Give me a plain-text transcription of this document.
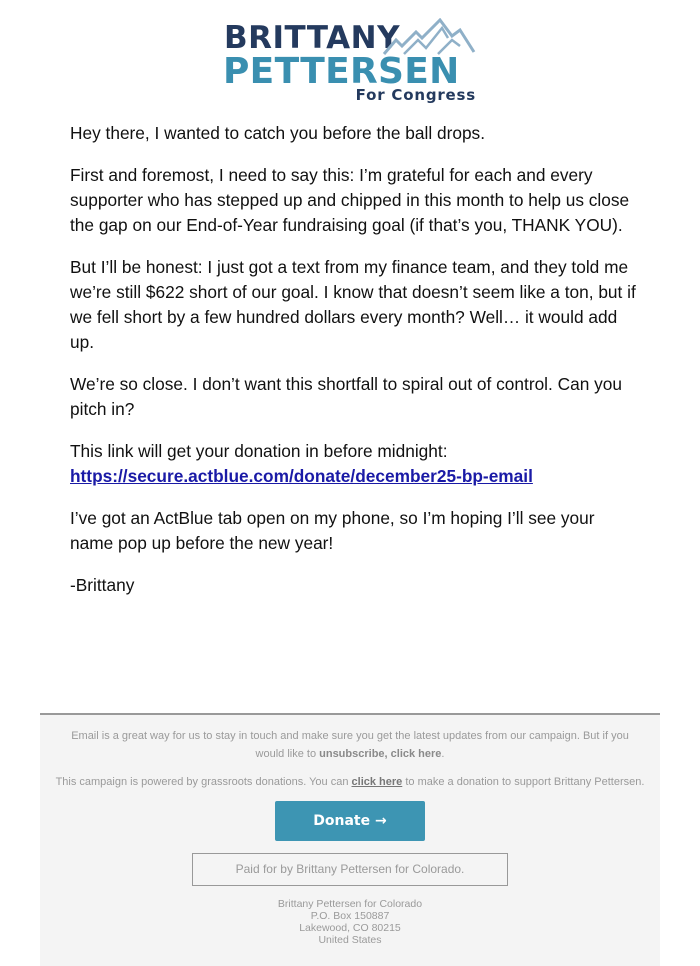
BRITTANY
PETTERSEN
For Congress

Hey there, I wanted to catch you before the ball drops.

First and foremost, I need to say this: I’m grateful for each and every supporter who has stepped up and chipped in this month to help us close the gap on our End-of-Year fundraising goal (if that’s you, THANK YOU).

But I’ll be honest: I just got a text from my finance team, and they told me we’re still $622 short of our goal. I know that doesn’t seem like a ton, but if we fell short by a few hundred dollars every month? Well… it would add up.

We’re so close. I don’t want this shortfall to spiral out of control. Can you pitch in?

This link will get your donation in before midnight:
https://secure.actblue.com/donate/december25-bp-email

I’ve got an ActBlue tab open on my phone, so I’m hoping I’ll see your name pop up before the new year!

-Brittany

Email is a great way for us to stay in touch and make sure you get the latest updates from our campaign. But if you would like to unsubscribe, click here.
This campaign is powered by grassroots donations. You can click here to make a donation to support Brittany Pettersen.
Donate →
Paid for by Brittany Pettersen for Colorado.
Brittany Pettersen for Colorado
P.O. Box 150887
Lakewood, CO 80215
United States
